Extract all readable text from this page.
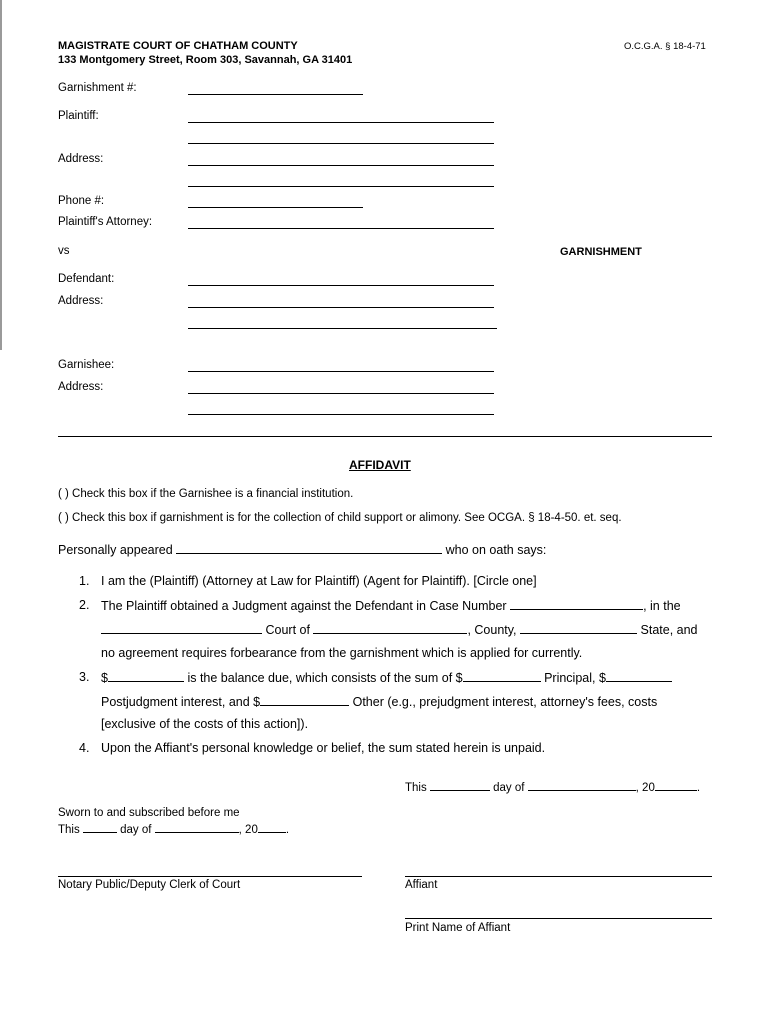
MAGISTRATE COURT OF CHATHAM COUNTY
133 Montgomery Street, Room 303, Savannah, GA 31401
O.C.G.A. § 18-4-71
Garnishment #:
Plaintiff:
Address:
Phone #:
Plaintiff's Attorney:
vs	GARNISHMENT
Defendant:
Address:
Garnishee:
Address:
AFFIDAVIT
( ) Check this box if the Garnishee is a financial institution.
( ) Check this box if garnishment is for the collection of child support or alimony. See OCGA. § 18-4-50. et. seq.
Personally appeared	who on oath says:
1. I am the (Plaintiff) (Attorney at Law for Plaintiff) (Agent for Plaintiff). [Circle one]
2. The Plaintiff obtained a Judgment against the Defendant in Case Number	, in the
Court of	, County,	State, and
no agreement requires forbearance from the garnishment which is applied for currently.
3. $	is the balance due, which consists of the sum of $	Principal, $
Postjudgment interest, and $	Other (e.g., prejudgment interest, attorney's fees, costs
[exclusive of the costs of this action]).
4. Upon the Affiant's personal knowledge or belief, the sum stated herein is unpaid.
This	day of	, 20	.
Sworn to and subscribed before me
This	day of	, 20 .
Notary Public/Deputy Clerk of Court	Affiant
Print Name of Affiant
